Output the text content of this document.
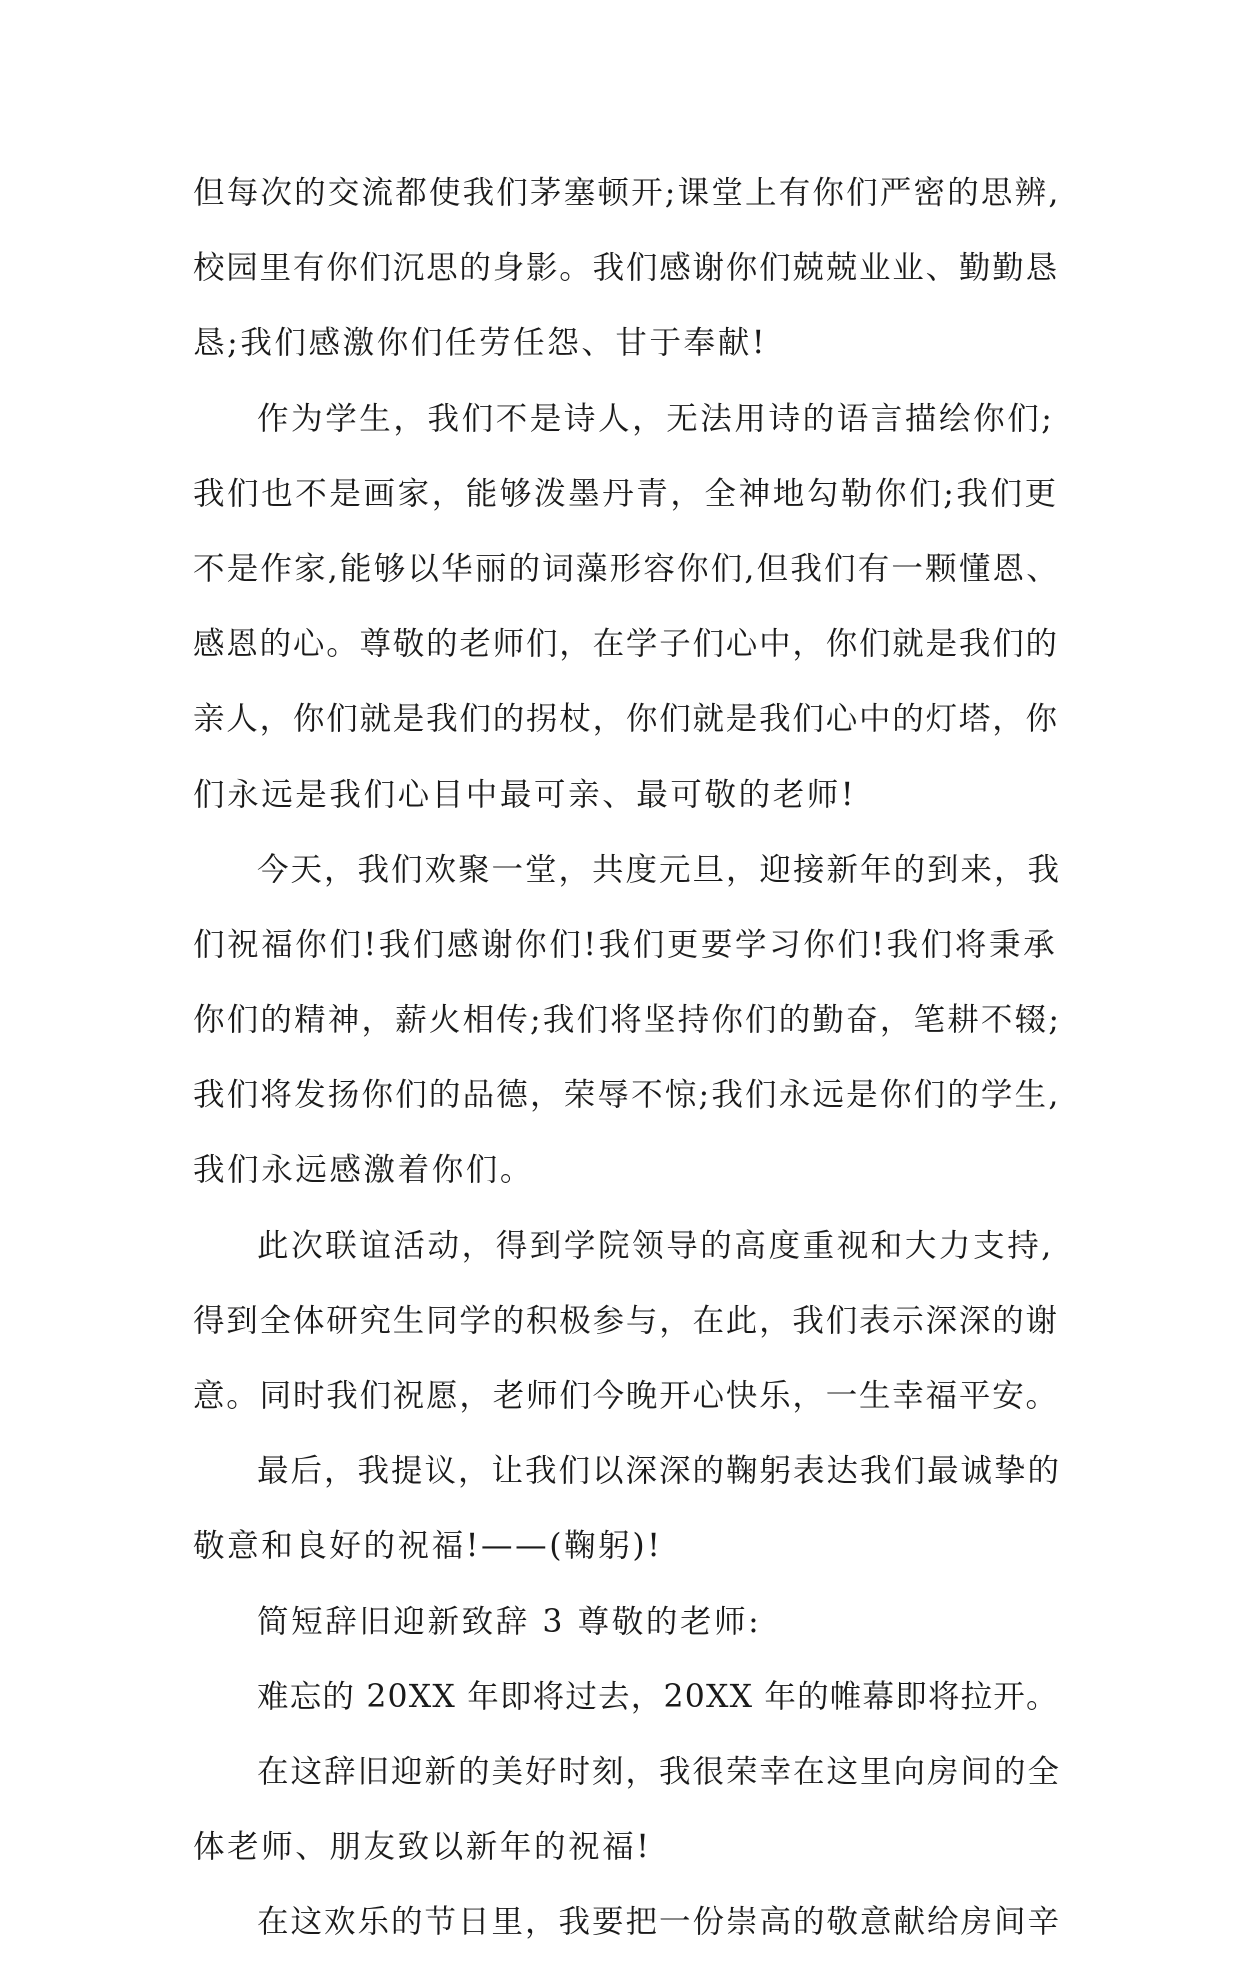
但每次的交流都使我们茅塞顿开;课堂上有你们严密的思辨,
校园里有你们沉思的身影。我们感谢你们兢兢业业、勤勤恳
恳;我们感激你们任劳任怨、甘于奉献!
作为学生，我们不是诗人，无法用诗的语言描绘你们;
我们也不是画家，能够泼墨丹青，全神地勾勒你们;我们更
不是作家,能够以华丽的词藻形容你们,但我们有一颗懂恩、
感恩的心。尊敬的老师们，在学子们心中，你们就是我们的
亲人，你们就是我们的拐杖，你们就是我们心中的灯塔，你
们永远是我们心目中最可亲、最可敬的老师!
今天，我们欢聚一堂，共度元旦，迎接新年的到来，我
们祝福你们!我们感谢你们!我们更要学习你们!我们将秉承
你们的精神，薪火相传;我们将坚持你们的勤奋，笔耕不辍;
我们将发扬你们的品德，荣辱不惊;我们永远是你们的学生,
我们永远感激着你们。
此次联谊活动，得到学院领导的高度重视和大力支持,
得到全体研究生同学的积极参与，在此，我们表示深深的谢
意。同时我们祝愿，老师们今晚开心快乐，一生幸福平安。
最后，我提议，让我们以深深的鞠躬表达我们最诚挚的
敬意和良好的祝福!——(鞠躬)!
简短辞旧迎新致辞 3 尊敬的老师:
难忘的 20XX 年即将过去，20XX 年的帷幕即将拉开。
在这辞旧迎新的美好时刻，我很荣幸在这里向房间的全
体老师、朋友致以新年的祝福!
在这欢乐的节日里，我要把一份崇高的敬意献给房间辛
